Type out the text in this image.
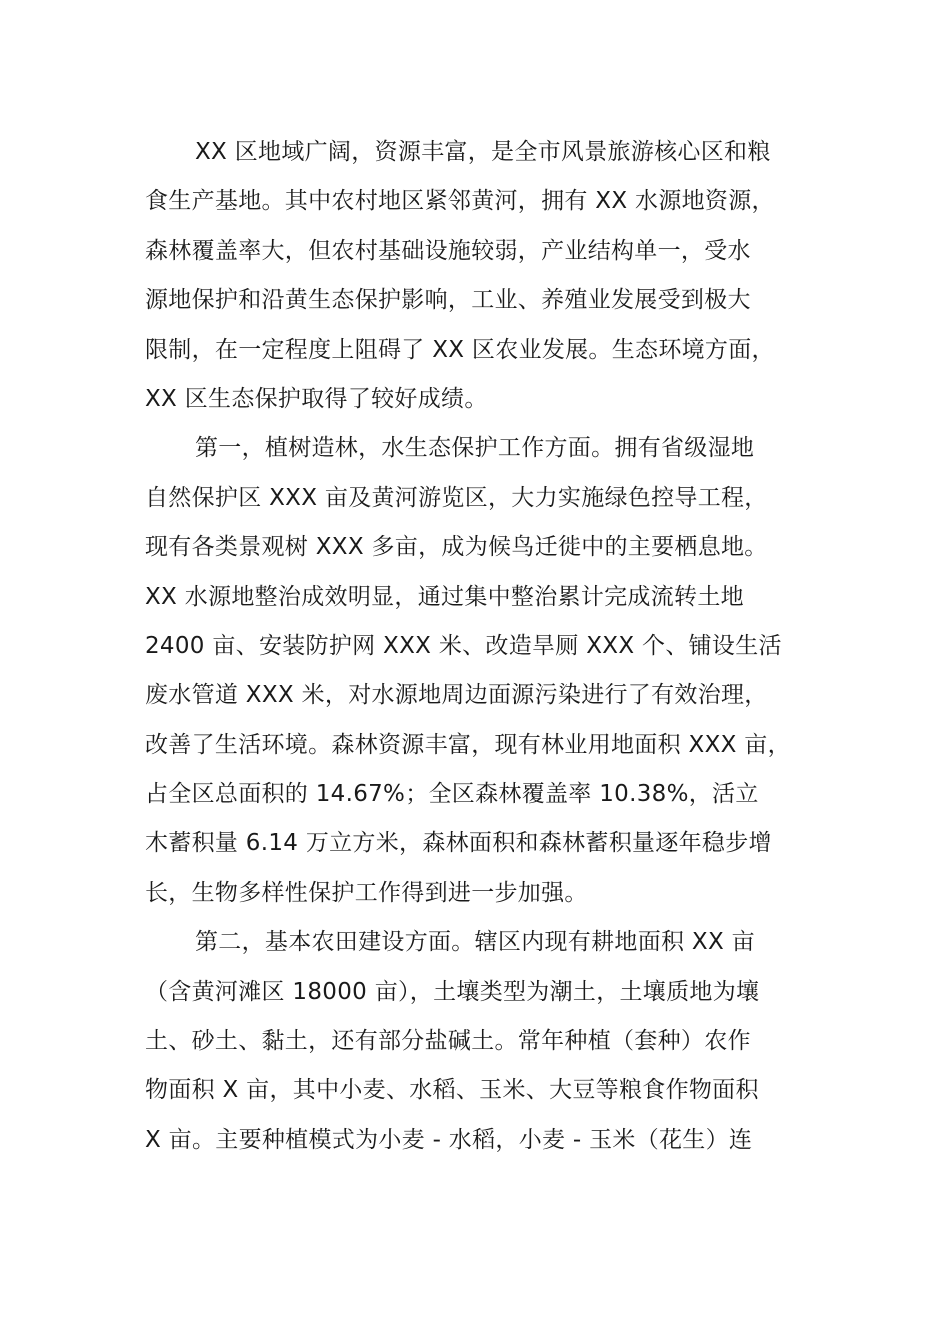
XX 区地域广阔，资源丰富，是全市风景旅游核心区和粮
食生产基地。其中农村地区紧邻黄河，拥有 XX 水源地资源，
森林覆盖率大，但农村基础设施较弱，产业结构单一，受水
源地保护和沿黄生态保护影响，工业、养殖业发展受到极大
限制，在一定程度上阻碍了 XX 区农业发展。生态环境方面，
XX 区生态保护取得了较好成绩。
第一，植树造林，水生态保护工作方面。拥有省级湿地
自然保护区 XXX 亩及黄河游览区，大力实施绿色控导工程，
现有各类景观树 XXX 多亩，成为候鸟迁徙中的主要栖息地。
XX 水源地整治成效明显，通过集中整治累计完成流转土地
2400 亩、安装防护网 XXX 米、改造旱厕 XXX 个、铺设生活
废水管道 XXX 米，对水源地周边面源污染进行了有效治理，
改善了生活环境。森林资源丰富，现有林业用地面积 XXX 亩，
占全区总面积的 14.67%；全区森林覆盖率 10.38%，活立
木蓄积量 6.14 万立方米，森林面积和森林蓄积量逐年稳步增
长，生物多样性保护工作得到进一步加强。
第二，基本农田建设方面。辖区内现有耕地面积 XX 亩
（含黄河滩区 18000 亩），土壤类型为潮土，土壤质地为壤
土、砂土、黏土，还有部分盐碱土。常年种植（套种）农作
物面积 X 亩，其中小麦、水稻、玉米、大豆等粮食作物面积
X 亩。主要种植模式为小麦 - 水稻，小麦 - 玉米（花生）连
